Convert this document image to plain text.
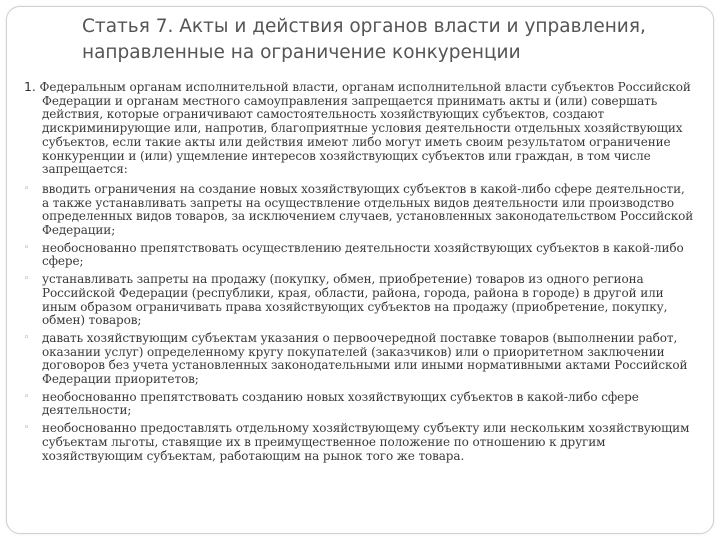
Статья 7. Акты и действия органов власти и управления,
направленные на ограничение конкуренции

1. Федеральным органам исполнительной власти, органам исполнительной власти субъектов Российской Федерации и органам местного самоуправления запрещается принимать акты и (или) совершать действия, которые ограничивают самостоятельность хозяйствующих субъектов, создают дискриминирующие или, напротив, благоприятные условия деятельности отдельных хозяйствующих субъектов, если такие акты или действия имеют либо могут иметь своим результатом ограничение конкуренции и (или) ущемление интересов хозяйствующих субъектов или граждан, в том числе запрещается:

◦ вводить ограничения на создание новых хозяйствующих субъектов в какой-либо сфере деятельности, а также устанавливать запреты на осуществление отдельных видов деятельности или производство определенных видов товаров, за исключением случаев, установленных законодательством Российской Федерации;
◦ необоснованно препятствовать осуществлению деятельности хозяйствующих субъектов в какой-либо сфере;
◦ устанавливать запреты на продажу (покупку, обмен, приобретение) товаров из одного региона Российской Федерации (республики, края, области, района, города, района в городе) в другой или иным образом ограничивать права хозяйствующих субъектов на продажу (приобретение, покупку, обмен) товаров;
◦ давать хозяйствующим субъектам указания о первоочередной поставке товаров (выполнении работ, оказании услуг) определенному кругу покупателей (заказчиков) или о приоритетном заключении договоров без учета установленных законодательными или иными нормативными актами Российской Федерации приоритетов;
◦ необоснованно препятствовать созданию новых хозяйствующих субъектов в какой-либо сфере деятельности;
◦ необоснованно предоставлять отдельному хозяйствующему субъекту или нескольким хозяйствующим субъектам льготы, ставящие их в преимущественное положение по отношению к другим хозяйствующим субъектам, работающим на рынок того же товара.
